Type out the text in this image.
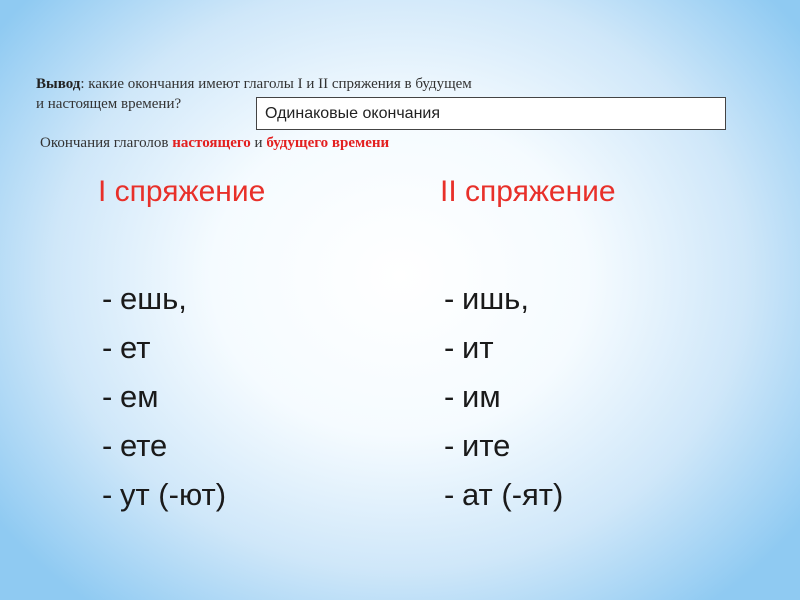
Вывод: какие окончания имеют глаголы I и II спряжения в будущем
и настоящем времени?
Одинаковые окончания
Окончания глаголов настоящего и будущего времени
I спряжение	II спряжение
- ешь,
- ет
- ем
- ете
- ут (-ют)
- ишь,
- ит
- им
- ите
- ат (-ят)
